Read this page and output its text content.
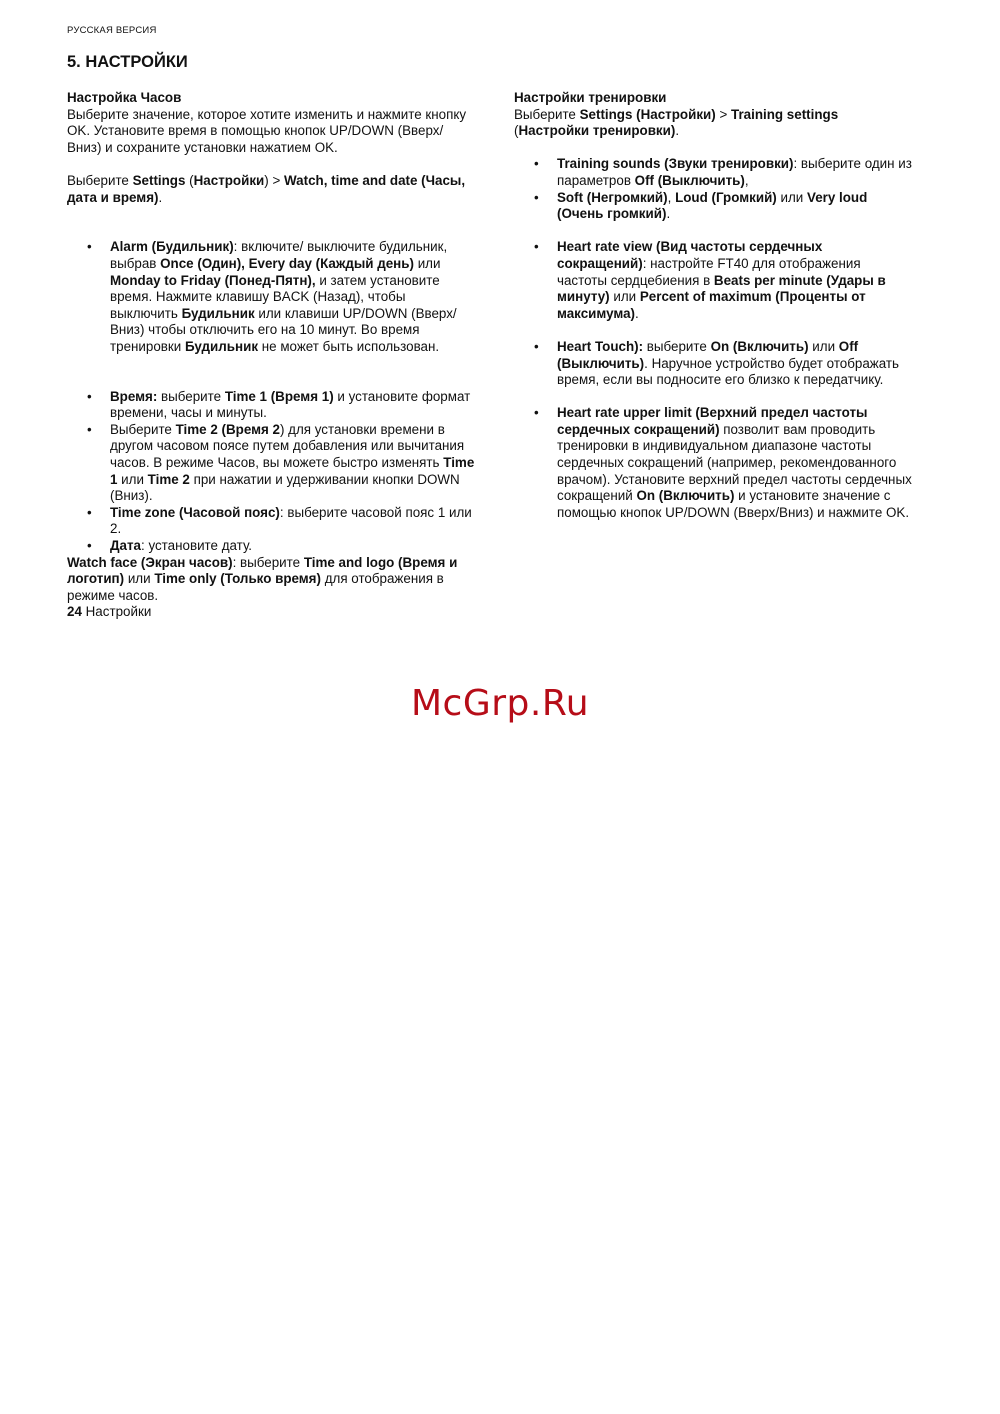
РУССКАЯ ВЕРСИЯ
5. НАСТРОЙКИ

Настройка Часов

Выберите значение, которое хотите изменить и нажмите кнопку OK. Установите время в помощью кнопок UP/DOWN (Вверх/Вниз) и сохраните установки нажатием OK.

Выберите Settings (Настройки) > Watch, time and date (Часы, дата и время).

• Alarm (Будильник): включите/ выключите будильник, выбрав Once (Один), Every day (Каждый день) или Monday to Friday (Понед-Пятн), и затем установите время. Нажмите клавишу BACK (Назад), чтобы выключить Будильник или клавиши UP/DOWN (Вверх/Вниз) чтобы отключить его на 10 минут. Во время тренировки Будильник не может быть использован.
• Время: выберите Time 1 (Время 1) и установите формат времени, часы и минуты.
• Выберите Time 2 (Время 2) для установки времени в другом часовом поясе путем добавления или вычитания часов. В режиме Часов, вы можете быстро изменять Time 1 или Time 2 при нажатии и удерживании кнопки DOWN (Вниз).
• Time zone (Часовой пояс): выберите часовой пояс 1 или 2.
• Дата: установите дату.

Watch face (Экран часов): выберите Time and logo (Время и логотип) или Time only (Только время) для отображения в режиме часов.

Настройки тренировки

Выберите Settings (Настройки) > Training settings (Настройки тренировки).

• Training sounds (Звуки тренировки): выберите один из параметров Off (Выключить),
• Soft (Негромкий), Loud (Громкий) или Very loud (Очень громкий).
• Heart rate view (Вид частоты сердечных сокращений): настройте FT40 для отображения частоты сердцебиения в Beats per minute (Удары в минуту) или Percent of maximum (Проценты от максимума).
• Heart Touch): выберите On (Включить) или Off (Выключить). Наручное устройство будет отображать время, если вы подносите его близко к передатчику.
• Heart rate upper limit (Верхний предел частоты сердечных сокращений) позволит вам проводить тренировки в индивидуальном диапазоне частоты сердечных сокращений (например, рекомендованного врачом). Установите верхний предел частоты сердечных сокращений On (Включить) и установите значение с помощью кнопок UP/DOWN (Вверх/Вниз) и нажмите OK.
24 Настройки
McGrp.Ru
